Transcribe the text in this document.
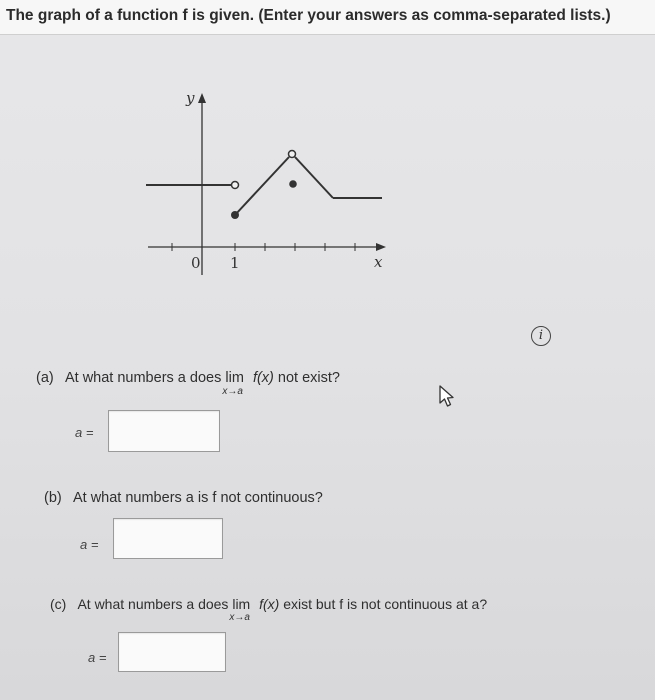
The graph of a function f is given. (Enter your answers as comma-separated lists.)
y
x
0 1
i
(a) At what numbers a does lim
x→a
f(x) not exist?
a =
(b) At what numbers a is f not continuous?
a =
(c) At what numbers a does lim
x→a
f(x) exist but f is not continuous at a?
a =
